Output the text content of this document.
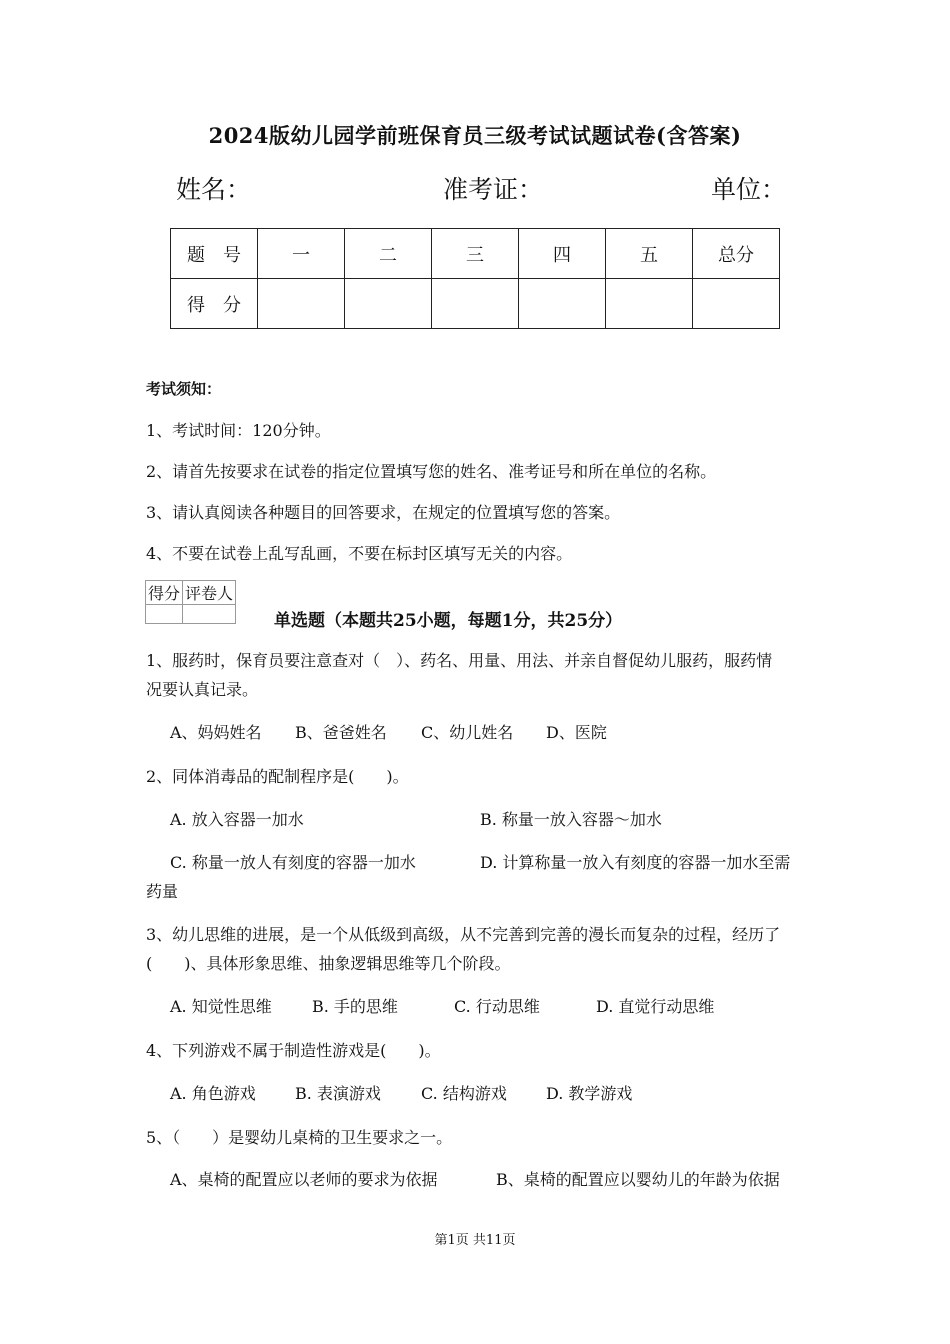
2024版幼儿园学前班保育员三级考试试题试卷(含答案)
姓名：	准考证：	单位：
题　号	一	二	三	四	五	总分
得　分						
考试须知：
1、考试时间：120分钟。
2、请首先按要求在试卷的指定位置填写您的姓名、准考证号和所在单位的名称。
3、请认真阅读各种题目的回答要求，在规定的位置填写您的答案。
4、不要在试卷上乱写乱画，不要在标封区填写无关的内容。
得分	评卷人

单选题（本题共25小题，每题1分，共25分）
1、服药时，保育员要注意查对（　）、药名、用量、用法、并亲自督促幼儿服药，服药情
况要认真记录。
A、妈妈姓名 B、爸爸姓名 C、幼儿姓名 D、医院
2、同体消毒品的配制程序是(　　)。
A. 放入容器一加水	B. 称量一放入容器～加水
C. 称量一放人有刻度的容器一加水	D. 计算称量一放入有刻度的容器一加水至需
药量
3、幼儿思维的进展，是一个从低级到高级，从不完善到完善的漫长而复杂的过程，经历了
(　　)、具体形象思维、抽象逻辑思维等几个阶段。
A. 知觉性思维	B. 手的思维	C. 行动思维	D. 直觉行动思维
4、下列游戏不属于制造性游戏是(　　)。
A. 角色游戏 B. 表演游戏	C. 结构游戏 D. 教学游戏
5、（　　）是婴幼儿桌椅的卫生要求之一。
A、桌椅的配置应以老师的要求为依据	B、桌椅的配置应以婴幼儿的年龄为依据
第1页 共11页
